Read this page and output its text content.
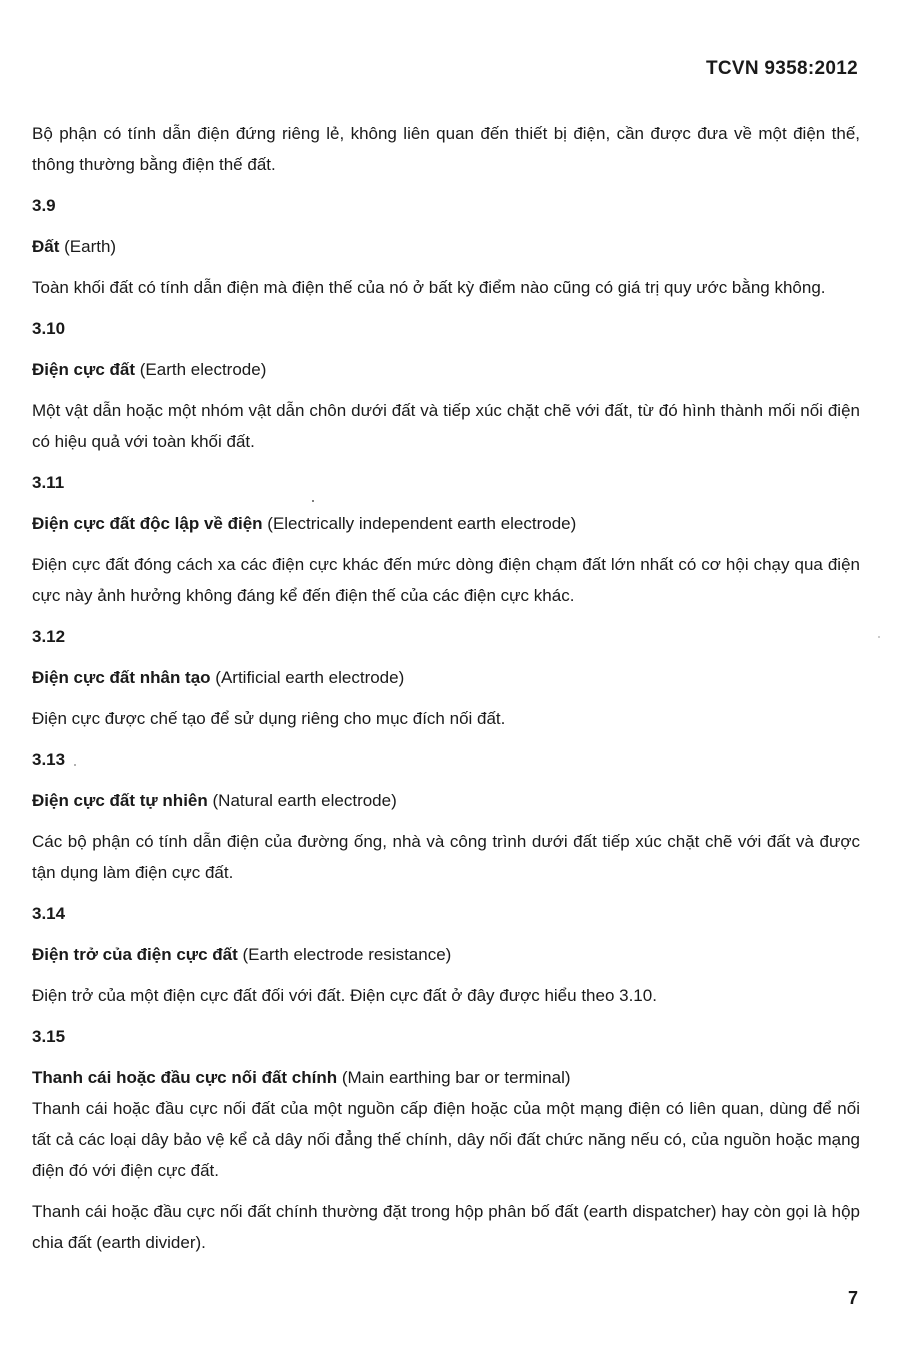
TCVN 9358:2012

Bộ phận có tính dẫn điện đứng riêng lẻ, không liên quan đến thiết bị điện, cần được đưa về một điện thế, thông thường bằng điện thế đất.

3.9

Đất (Earth)

Toàn khối đất có tính dẫn điện mà điện thế của nó ở bất kỳ điểm nào cũng có giá trị quy ước bằng không.

3.10

Điện cực đất (Earth electrode)

Một vật dẫn hoặc một nhóm vật dẫn chôn dưới đất và tiếp xúc chặt chẽ với đất, từ đó hình thành mối nối điện có hiệu quả với toàn khối đất.

3.11

Điện cực đất độc lập về điện (Electrically independent earth electrode)

Điện cực đất đóng cách xa các điện cực khác đến mức dòng điện chạm đất lớn nhất có cơ hội chạy qua điện cực này ảnh hưởng không đáng kể đến điện thế của các điện cực khác.

3.12

Điện cực đất nhân tạo (Artificial earth electrode)

Điện cực được chế tạo để sử dụng riêng cho mục đích nối đất.

3.13

Điện cực đất tự nhiên (Natural earth electrode)

Các bộ phận có tính dẫn điện của đường ống, nhà và công trình dưới đất tiếp xúc chặt chẽ với đất và được tận dụng làm điện cực đất.

3.14

Điện trở của điện cực đất (Earth electrode resistance)

Điện trở của một điện cực đất đối với đất. Điện cực đất ở đây được hiểu theo 3.10.

3.15

Thanh cái hoặc đầu cực nối đất chính (Main earthing bar or terminal)

Thanh cái hoặc đầu cực nối đất của một nguồn cấp điện hoặc của một mạng điện có liên quan, dùng để nối tất cả các loại dây bảo vệ kể cả dây nối đẳng thế chính, dây nối đất chức năng nếu có, của nguồn hoặc mạng điện đó với điện cực đất.

Thanh cái hoặc đầu cực nối đất chính thường đặt trong hộp phân bố đất (earth dispatcher) hay còn gọi là hộp chia đất (earth divider).

7
